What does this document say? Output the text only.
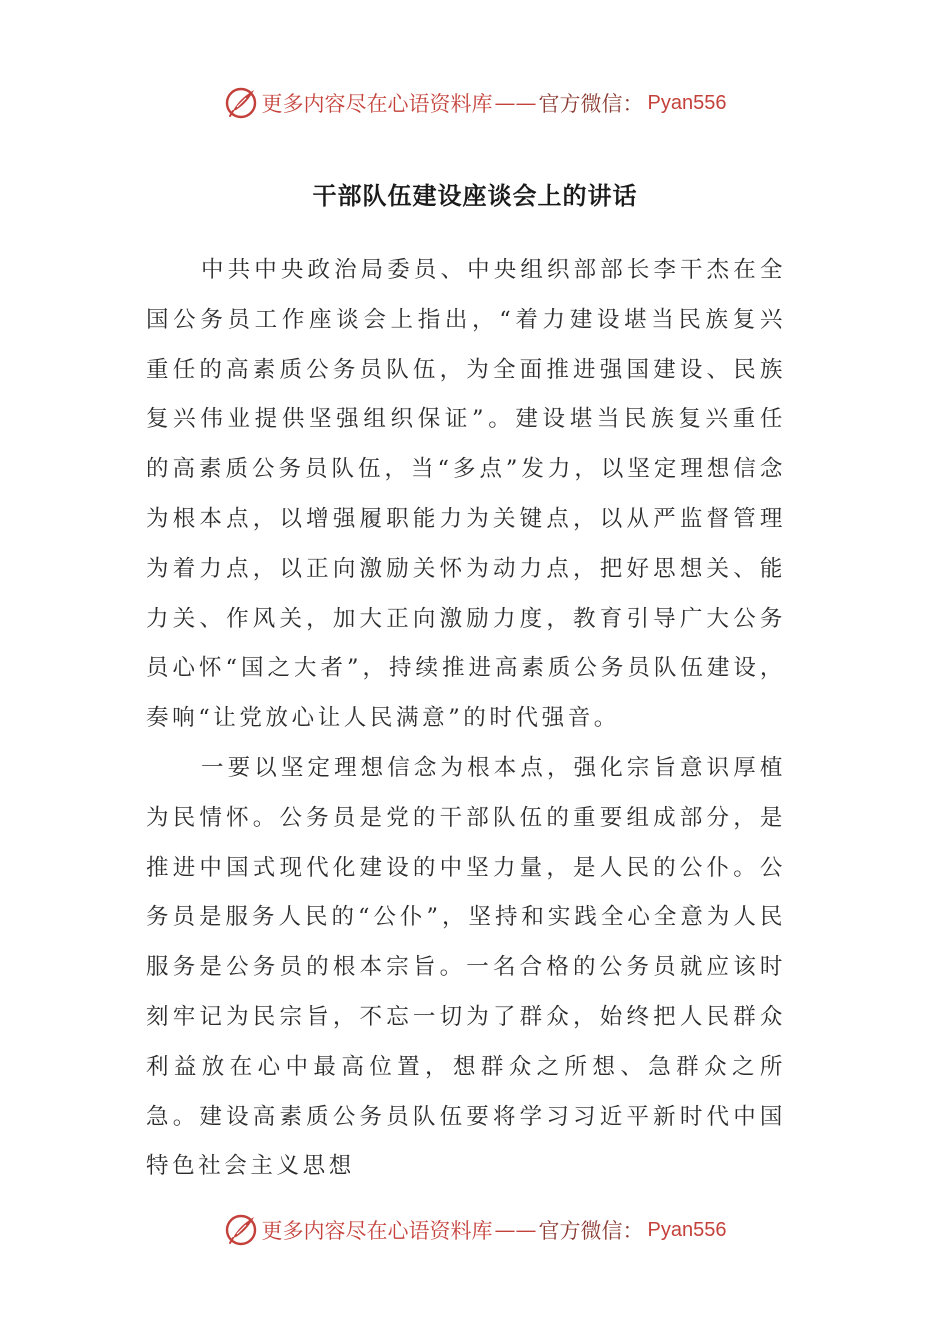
更多内容尽在心语资料库 —— 官方微信： Pyan556
干部队伍建设座谈会上的讲话

中共中央政治局委员、中央组织部部长李干杰在全国公务员工作座谈会上指出，“着力建设堪当民族复兴重任的高素质公务员队伍，为全面推进强国建设、民族复兴伟业提供坚强组织保证”。建设堪当民族复兴重任的高素质公务员队伍，当“多点”发力，以坚定理想信念为根本点，以增强履职能力为关键点，以从严监督管理为着力点，以正向激励关怀为动力点，把好思想关、能力关、作风关，加大正向激励力度，教育引导广大公务员心怀“国之大者”，持续推进高素质公务员队伍建设，奏响“让党放心让人民满意”的时代强音。

一要以坚定理想信念为根本点，强化宗旨意识厚植为民情怀。公务员是党的干部队伍的重要组成部分，是推进中国式现代化建设的中坚力量，是人民的公仆。公务员是服务人民的“公仆”，坚持和实践全心全意为人民服务是公务员的根本宗旨。一名合格的公务员就应该时刻牢记为民宗旨，不忘一切为了群众，始终把人民群众利益放在心中最高位置，想群众之所想、急群众之所急。建设高素质公务员队伍要将学习习近平新时代中国特色社会主义思想

更多内容尽在心语资料库 —— 官方微信： Pyan556
